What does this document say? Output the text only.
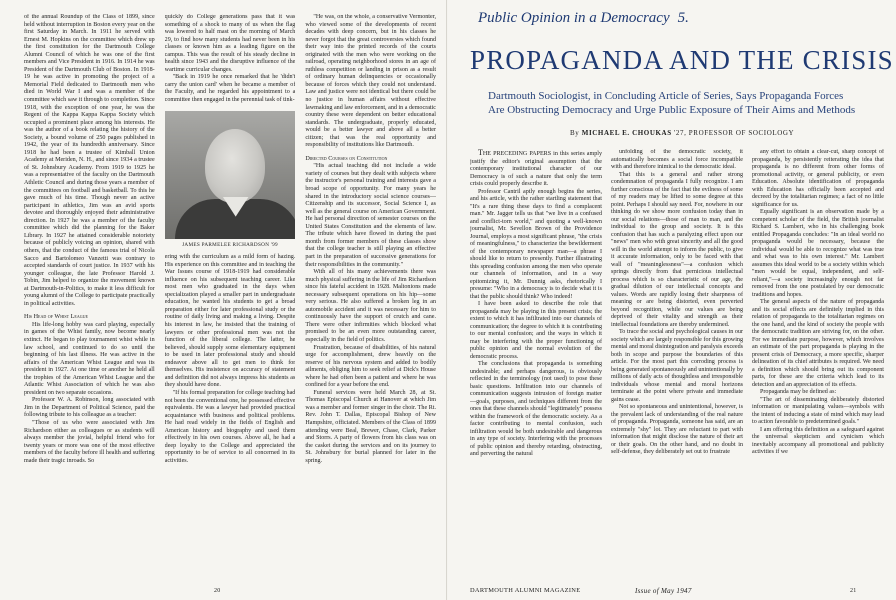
of the annual Roundup of the Class of 1899, since held without interruption in Boston every year on the first Saturday in March. In 1911 he served with Ernest M. Hopkins on the committee which drew up the first constitution for the Dartmouth College Alumni Council of which he was one of the first members and Vice President in 1916. In 1914 he was President of the Dartmouth Club of Boston. In 1918-19 he was active in promoting the project of a Memorial Field dedicated to Dartmouth men who died in World War I and was a member of the committee which saw it through to completion. Since 1918, with the exception of one year, he was the Regent of the Kappa Kappa Kappa Society which occupied a prominent place among his interests. He was the author of a book relating the history of the Society, a bound volume of 250 pages published in 1942, the year of its hundredth anniversary. Since 1918 he had been a trustee of Kimball Union Academy at Meriden, N. H., and since 1934 a trustee of St. Johnsbury Academy. From 1919 to 1925 he was a representative of the faculty on the Dartmouth Athletic Council and during those years a member of the committees on football and basketball. To this he gave much of his time. Though never an active participant in athletics, Jim was an avid sports devotee and thoroughly enjoyed their administrative direction. In 1927 he was a member of the faculty committee which did the planning for the Baker Library. In 1927 he attained considerable notoriety because of publicly voicing an opinion, shared with others, that the conduct of the famous trial of Nicola Sacco and Bartolomeo Vanzetti was contrary to accepted standards of court justice. In 1937 with his younger colleague, the late Professor Harold J. Tobin, Jim helped to organize the movement known at Dartmouth-in-Politics, to make it less difficult for young alumni of the College to participate practically in political activities.

His Head of Whist League

His life-long hobby was card playing, especially in games of the Whist family, now become nearly extinct. He began to play tournament whist while in law school, and continued to do so until the beginning of his last illness. He was active in the affairs of the American Whist League and was its president in 1927. At one time or another he held all the trophies of the American Whist League and the Atlantic Whist Association of which he was also president on two separate occasions.

Professor W. A. Robinson, long associated with Jim in the Department of Political Science, paid the following tribute to his colleague as a teacher:

"Those of us who were associated with Jim Richardson either as colleagues or as students will always member the jovial, helpful friend who for twenty years or more was one of the most effective members of the faculty before ill health and suffering made their tragic inroads. So

quickly do College generations pass that it was something of a shock to many of us when the flag was lowered to half mast on the morning of March 29, to find how many students had never been in his classes or known him as a leading figure on the campus. This was the result of his steady decline in health since 1943 and the disruptive influence of the wartime curricular changes.

"Back in 1919 he once remarked that he 'didn't carry the union card' when he became a member of the Faculty, and he regarded his appointment to a committee then engaged in the perennial task of tink-

JAMES PARMELEE RICHARDSON '99

ering with the curriculum as a mild form of hazing. His experience on this committee and in teaching the War Issues course of 1918-1919 had considerable influence on his subsequent teaching career. Like most men who graduated in the days when specialization played a smaller part in undergraduate education, he wanted his students to get a broad preparation either for later professional study or the routine of daily living and making a living. Despite his interest in law, he insisted that the training of lawyers or other professional men was not the function of the liberal college. The latter, he believed, should supply some elementary equipment to be used in later professional study and should endeavor above all to get men to think for themselves. His insistence on accuracy of statement and definition did not always impress his students as they should have done.

"If his formal preparation for college teaching had not been the conventional one, he possessed effective equivalents. He was a lawyer had provided practical acquaintance with business and political problems. He had read widely in the fields of English and American history and biography and used them effectively in his own courses. Above all, he had a deep loyalty to the College and appreciated the opportunity to be of service to all concerned in its activities.

"He was, on the whole, a conservative Vermonter, who viewed some of the developments of recent decades with deep concern, but in his classes he never forgot that the great controversies which found their way into the printed records of the courts originated with the men who were working on the railroad, operating neighborhood stores in an age of ruthless competition or landing in prison as a result of ordinary human delinquencies or occasionally because of forces which they could not understand. Law and justice were not identical but there could be no justice in human affairs without effective lawmaking and law enforcement, and in a democratic country these were dependent on better educational standards. The undergraduate, properly educated, would be a better lawyer and above all a better citizen; that was the real opportunity and responsibility of institutions like Dartmouth.

Directed Courses on Constitution

"His actual teaching did not include a wide variety of courses but they dealt with subjects where the instructor's personal training and interests gave a broad scope of opportunity. For many years he shared in the introductory social science courses—Citizenship and its successor, Social Science I, as well as the general course on American Government. He had personal direction of semester courses on the United States Constitution and the elements of law. The tribute which have flowed in during the past month from former members of these classes show that the college teacher is still playing an effective part in the preparation of successive generations for their responsibilities in the community."

With all of his many achievements there was much physical suffering in the life of Jim Richardson since his fateful accident in 1928. Maltonions made necessary subsequent operations on his hip—some very serious. He also suffered a broken leg in an automobile accident and it was necessary for him to continuously have the support of crutch and cane. There were other infirmities which blocked what promised to be an even more outstanding career, especially in the field of politics.

Frustration, because of disabilities, of his natural urge for accomplishment, drew heavily on the reserve of his nervous system and added to bodily ailments, obliging him to seek relief at Dick's House where he had often been a patient and where he was confined for a year before the end.

Funeral services were held March 28, at St. Thomas Episcopal Church at Hanover at which Jim was a member and former singer in the choir. The Rt. Rev. John T. Dallas, Episcopal Bishop of New Hampshire, officiated. Members of the Class of 1899 attending were Beal, Brewer, Chase, Clark, Parker and Storrs. A party of flowers from his class was on the casket during the services and on its journey to St. Johnsbury for burial planned for later in the spring.

20
Public Opinion in a Democracy 5.
PROPAGANDA AND THE CRISIS
Dartmouth Sociologist, in Concluding Article of Series, Says Propaganda Forces Are Obstructing Democracy and Urge Public Exposure of Their Aims and Methods
By MICHAEL E. CHOUKAS '27, PROFESSOR OF SOCIOLOGY

THE PRECEDING PAPERS in this series amply justify the editor's original assumption that the contemporary institutional character of our Democracy is of such a nature that only the term crisis could properly describe it.

Professor Cantril aptly enough begins the series, and his article, with the rather startling statement that "It's a rare thing these days to find a complacent man." Mr. Jagger tells us that "we live in a confused and conflict-torn world," and quoting a well-known journalist, Mr. Sevellon Brown of the Providence Journal, employs a most significant phrase, "the crisis of meaningfulness," to characterize the bewilderment of the contemporary newspaper man—a phrase I should like to return to presently. Further illustrating this spreading confusion among the men who operate our channels of information, and in a way epitomizing it, Mr. Dunnig asks, rhetorically I presume: "Who in a democracy is to decide what it is that the public should think? Who indeed!

I have been asked to describe the role that propaganda may be playing in this present crisis; the extent to which it has infiltrated into our channels of communication; the degree to which it is contributing to our mental confusion; and the ways in which it may be interfering with the proper functioning of public opinion and the normal evolution of the democratic process.

The conclusions that propaganda is something undesirable; and perhaps dangerous, is obviously reflected in the terminology (not used) to pose these basic questions. Infiltration into our channels of communication suggests intrusion of foreign matter—goals, purposes, and techniques different from the ones that these channels should "legitimately" possess within the framework of the democratic society. As a factor contributing to mental confusion, such infiltration would be both undesirable and dangerous in any type of society. Interfering with the processes of public opinion and thereby retarding, obstructing, and perverting the natural

unfolding of the democratic society, it automatically becomes a social force incompatible with and therefore inimical to the democratic ideal.

That this is a general and rather strong condemnation of propaganda I fully recognize. I am further conscious of the fact that the evilness of some of my readers may be lifted to some degree at this point. Perhaps I should say need. For, nowhere in our thinking do we show more confusion today than in our social relations—those of man to man, and the individual to the group and society. It is this confusion that has such a paralyzing effect upon our "news" men who with great sincerity and all the good will in the world attempt to inform the public, to give it accurate information, only to be faced with that wall of "meaninglessness"—a confusion which springs directly from that pernicious intellectual process which is so characteristic of our age, the gradual dilution of our intellectual concepts and values. Words are rapidly losing their sharpness of meaning or are being distorted, even perverted beyond recognition, while our values are being deprived of their vitality and strength as their intellectual foundations are thereby undermined.

To trace the social and psychological causes in our society which are largely responsible for this growing mental and moral disintegration and paralysis exceeds both in scope and purpose the boundaries of this article. For the most part this corroding process is being generated spontaneously and unintentionally by millions of daily acts of thoughtless and irresponsible individuals whose mental and moral horizons terminate at the point where private and immediate gains cease.

Not so spontaneous and unintentional, however, is the prevalent lack of understanding of the real nature of propaganda. Propaganda, someone has said, are an extremely "shy" lot. They are reluctant to part with information that might disclose the nature of their art or their goals. On the other hand, and no doubt in self-defense, they deliberately set out to frustrate

any effort to obtain a clear-cut, sharp concept of propaganda, by persistently reiterating the idea that propaganda is no different from other forms of promotional activity, or general publicity, or even Education. Absolute identification of propaganda with Education has officially been accepted and decreed by the totalitarian regimes; a fact of no little significance for us.

Equally significant is an observation made by a competent scholar of the field, the British journalist Richard S. Lambert, who in his challenging book entitled Propaganda concludes: "In an ideal world no propaganda would be necessary, because the individual would be able to recognize what was true and what was to his own interest." Mr. Lambert assumes this ideal world to be a society within which "men would be equal, independent, and self-reliant,"—a society increasingly enough not far removed from the one postulated by our democratic traditions and hopes.

The general aspects of the nature of propaganda and its social effects are definitely implied in this relation of propaganda to the totalitarian regimes on the one hand, and the kind of society the people with the democratic tradition are striving for, on the other. For we immediate purpose, however, which involves an estimate of the part propaganda is playing in the present crisis of Democracy, a more specific, sharper delineation of its chief attributes is required. We need a definition which should bring out its component parts, for these are the criteria which lead to its detection and an appreciation of its effects.

Propaganda may be defined as:

"The art of disseminating deliberately distorted information or manipulating values—symbols with the intent of inducing a state of mind which may lead to action favorable to predetermined goals."

I am offering this definition as a safeguard against the universal skepticism and cynicism which inevitably accompany all promotional and publicity activities if we

DARTMOUTH ALUMNI MAGAZINE	Issue of May 1947	21
